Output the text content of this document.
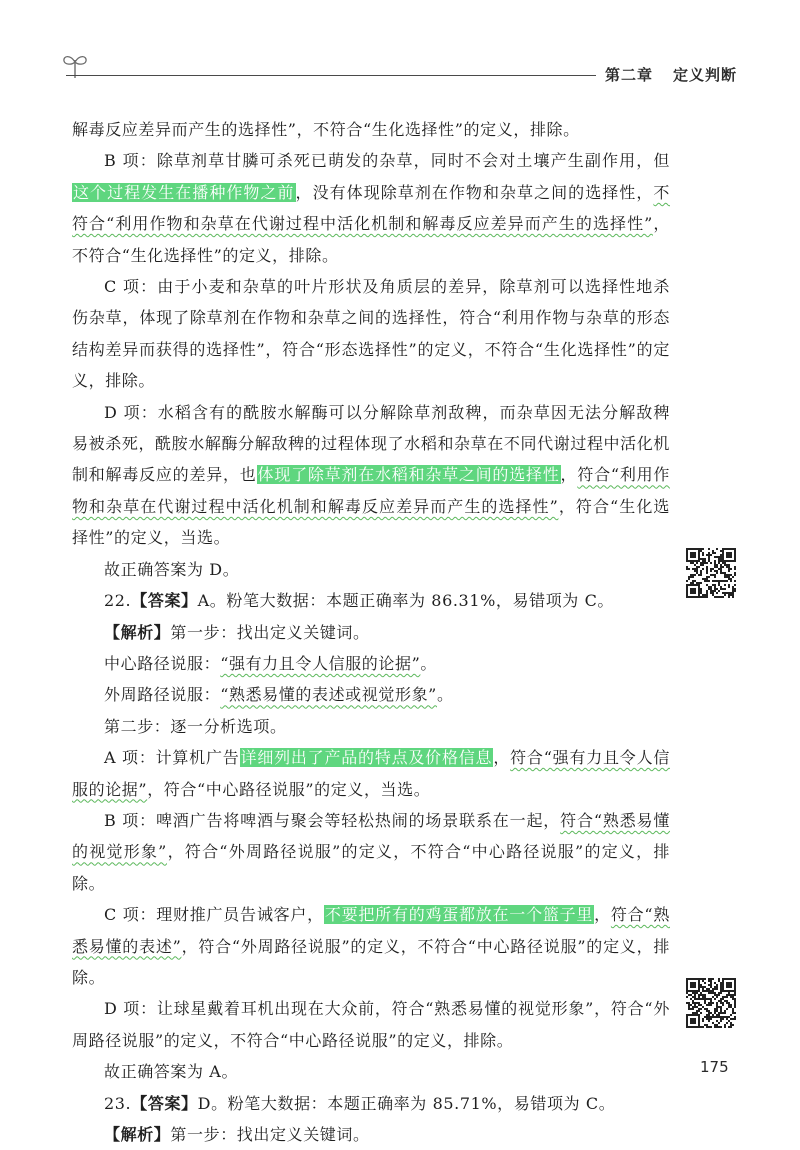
第二章 定义判断

解毒反应差异而产生的选择性”，不符合“生化选择性”的定义，排除。

B 项：除草剂草甘膦可杀死已萌发的杂草，同时不会对土壤产生副作用，但这个过程发生在播种作物之前，没有体现除草剂在作物和杂草之间的选择性，不符合“利用作物和杂草在代谢过程中活化机制和解毒反应差异而产生的选择性”，不符合“生化选择性”的定义，排除。

C 项：由于小麦和杂草的叶片形状及角质层的差异，除草剂可以选择性地杀伤杂草，体现了除草剂在作物和杂草之间的选择性，符合“利用作物与杂草的形态结构差异而获得的选择性”，符合“形态选择性”的定义，不符合“生化选择性”的定义，排除。

D 项：水稻含有的酰胺水解酶可以分解除草剂敌稗，而杂草因无法分解敌稗易被杀死，酰胺水解酶分解敌稗的过程体现了水稻和杂草在不同代谢过程中活化机制和解毒反应的差异，也体现了除草剂在水稻和杂草之间的选择性，符合“利用作物和杂草在代谢过程中活化机制和解毒反应差异而产生的选择性”，符合“生化选择性”的定义，当选。

故正确答案为 D。

22.【答案】A。粉笔大数据：本题正确率为 86.31%，易错项为 C。

【解析】第一步：找出定义关键词。

中心路径说服：“强有力且令人信服的论据”。

外周路径说服：“熟悉易懂的表述或视觉形象”。

第二步：逐一分析选项。

A 项：计算机广告详细列出了产品的特点及价格信息，符合“强有力且令人信服的论据”，符合“中心路径说服”的定义，当选。

B 项：啤酒广告将啤酒与聚会等轻松热闹的场景联系在一起，符合“熟悉易懂的视觉形象”，符合“外周路径说服”的定义，不符合“中心路径说服”的定义，排除。

C 项：理财推广员告诫客户，不要把所有的鸡蛋都放在一个篮子里，符合“熟悉易懂的表述”，符合“外周路径说服”的定义，不符合“中心路径说服”的定义，排除。

D 项：让球星戴着耳机出现在大众前，符合“熟悉易懂的视觉形象”，符合“外周路径说服”的定义，不符合“中心路径说服”的定义，排除。

故正确答案为 A。

23.【答案】D。粉笔大数据：本题正确率为 85.71%，易错项为 C。

【解析】第一步：找出定义关键词。

175
